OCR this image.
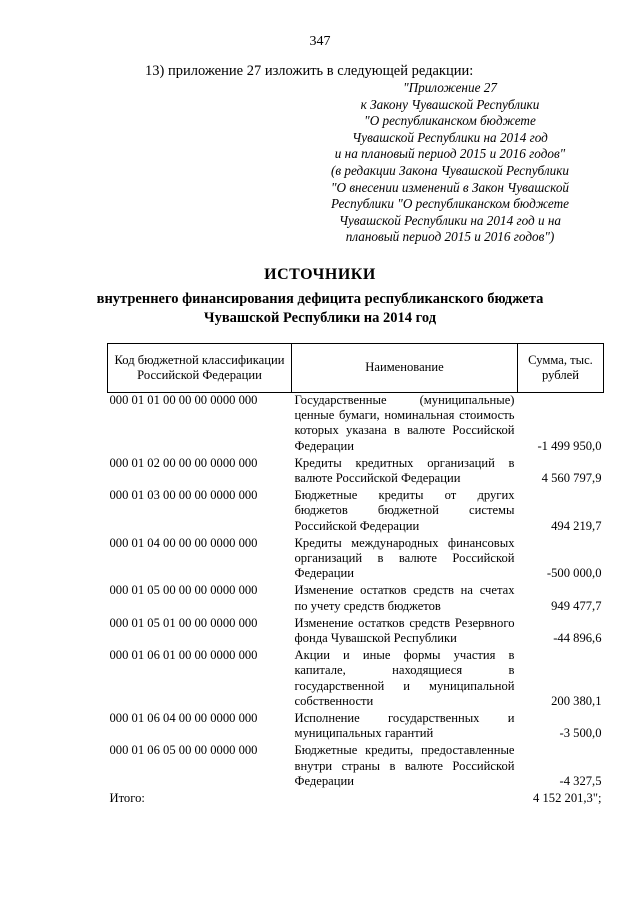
347
13) приложение 27 изложить в следующей редакции:
"Приложение 27
к Закону Чувашской Республики
"О республиканском бюджете
Чувашской Республики на 2014 год
и на плановый период 2015 и 2016 годов"
(в редакции Закона Чувашской Республики
"О внесении изменений в Закон Чувашской
Республики "О республиканском бюджете
Чувашской Республики на 2014 год и на
плановый период 2015 и 2016 годов")
ИСТОЧНИКИ
внутреннего финансирования дефицита республиканского бюджета
Чувашской Республики на 2014 год
Код бюджетной классификации Российской Федерации	Наименование	Сумма, тыс. рублей
000 01 01 00 00 00 0000 000	Государственные (муниципальные) ценные бумаги, номинальная стоимость которых указана в валюте Российской Федерации	-1 499 950,0
000 01 02 00 00 00 0000 000	Кредиты кредитных организаций в валюте Российской Федерации	4 560 797,9
000 01 03 00 00 00 0000 000	Бюджетные кредиты от других бюджетов бюджетной системы Российской Федерации	494 219,7
000 01 04 00 00 00 0000 000	Кредиты международных финансовых организаций в валюте Российской Федерации	-500 000,0
000 01 05 00 00 00 0000 000	Изменение остатков средств на счетах по учету средств бюджетов	949 477,7
000 01 05 01 00 00 0000 000	Изменение остатков средств Резервного фонда Чувашской Республики	-44 896,6
000 01 06 01 00 00 0000 000	Акции и иные формы участия в капитале, находящиеся в государственной и муниципальной собственности	200 380,1
000 01 06 04 00 00 0000 000	Исполнение государственных и муниципальных гарантий	-3 500,0
000 01 06 05 00 00 0000 000	Бюджетные кредиты, предоставленные внутри страны в валюте Российской Федерации	-4 327,5
Итого:		4 152 201,3";
